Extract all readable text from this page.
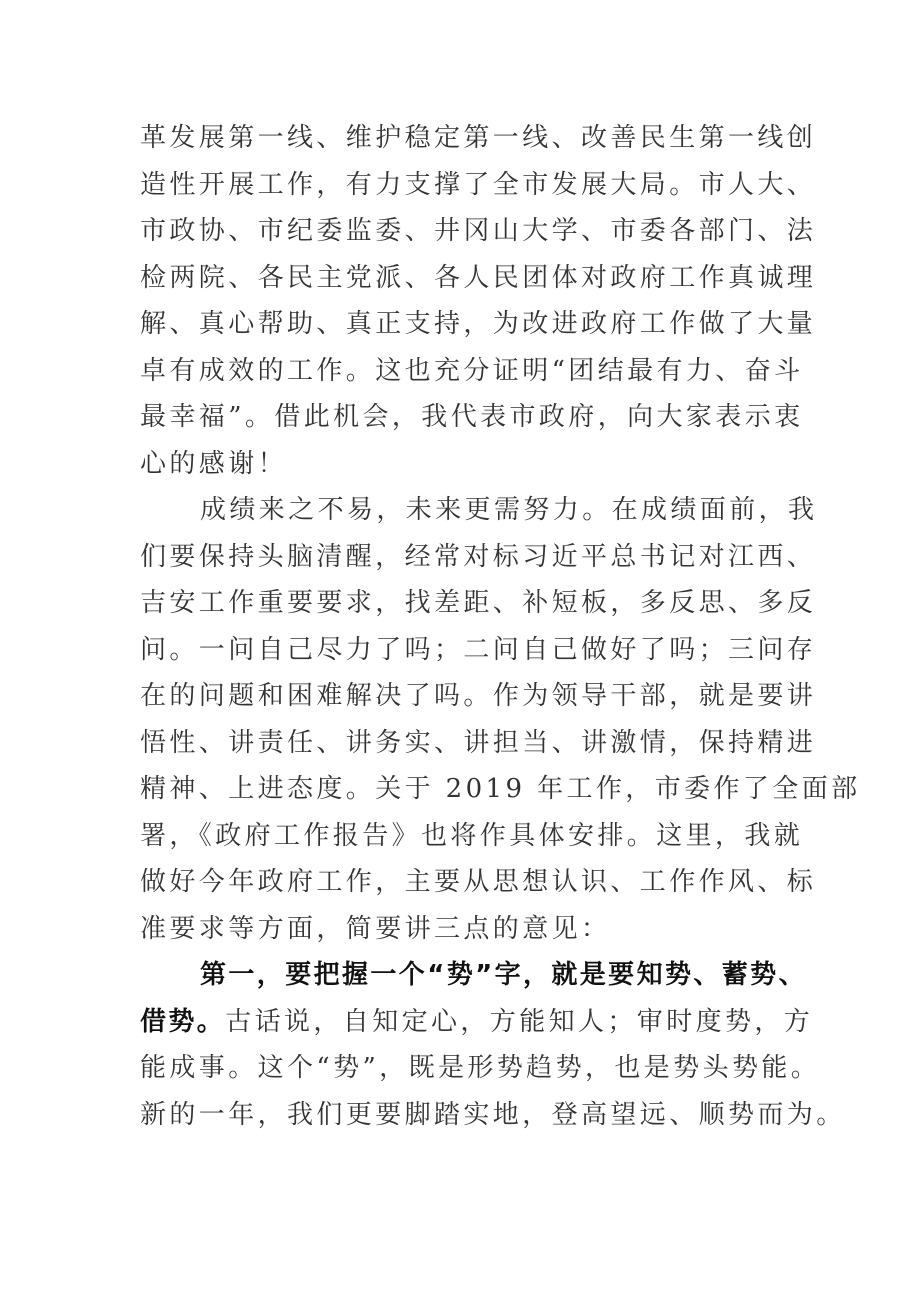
革发展第一线、维护稳定第一线、改善民生第一线创
造性开展工作，有力支撑了全市发展大局。市人大、
市政协、市纪委监委、井冈山大学、市委各部门、法
检两院、各民主党派、各人民团体对政府工作真诚理
解、真心帮助、真正支持，为改进政府工作做了大量
卓有成效的工作。这也充分证明“团结最有力、奋斗
最幸福”。借此机会，我代表市政府，向大家表示衷
心的感谢！
成绩来之不易，未来更需努力。在成绩面前，我
们要保持头脑清醒，经常对标习近平总书记对江西、
吉安工作重要要求，找差距、补短板，多反思、多反
问。一问自己尽力了吗；二问自己做好了吗；三问存
在的问题和困难解决了吗。作为领导干部，就是要讲
悟性、讲责任、讲务实、讲担当、讲激情，保持精进
精神、上进态度。关于 2019 年工作，市委作了全面部
署，《政府工作报告》也将作具体安排。这里，我就
做好今年政府工作，主要从思想认识、工作作风、标
准要求等方面，简要讲三点的意见：
第一，要把握一个“势”字，就是要知势、蓄势、
借势。古话说，自知定心，方能知人；审时度势，方
能成事。这个“势”，既是形势趋势，也是势头势能。
新的一年，我们更要脚踏实地，登高望远、顺势而为。
